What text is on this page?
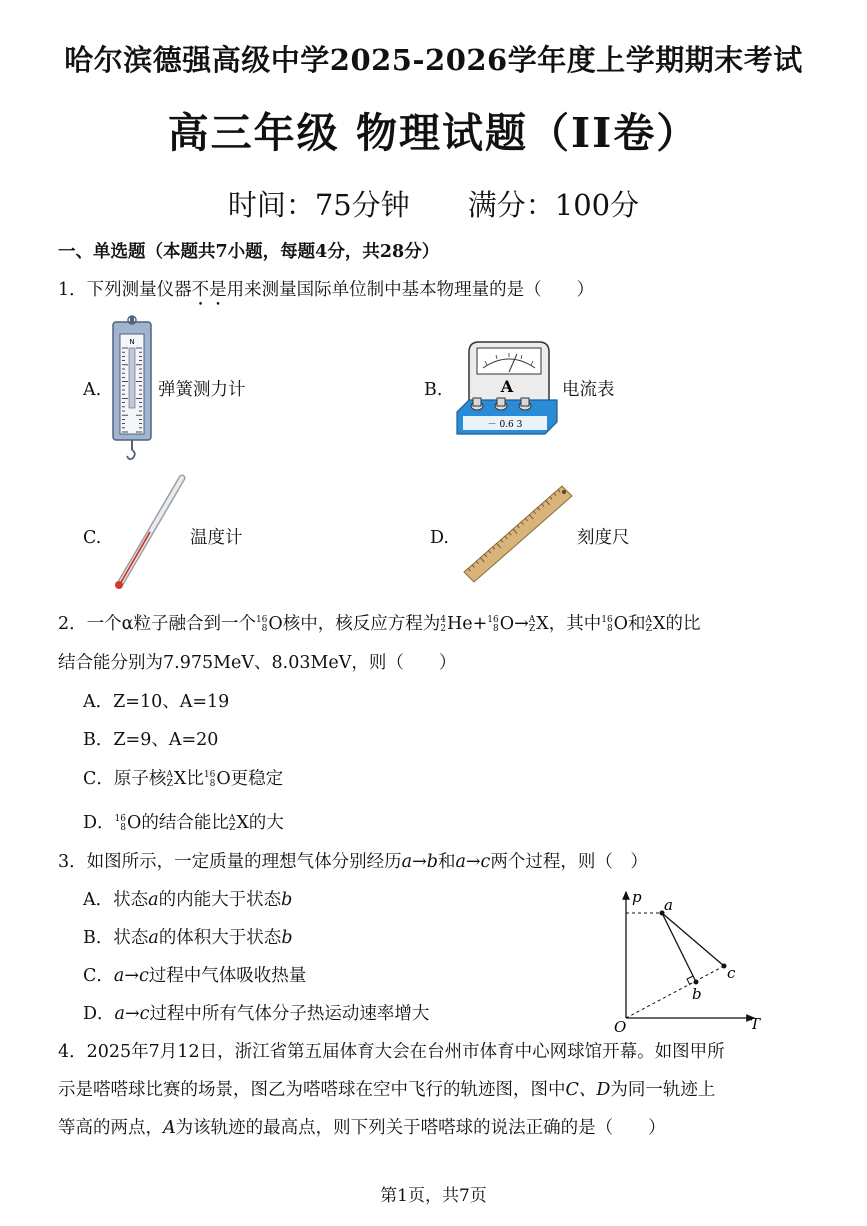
哈尔滨德强高级中学2025-2026学年度上学期期末考试
高三年级 物理试题（II卷）
时间：75分钟 满分：100分
一、单选题（本题共7小题，每题4分，共28分）
1．下列测量仪器不是用来测量国际单位制中基本物理量的是（　　）
A.
N
弹簧测力计	B.	A
－ 0.6 3
电流表
C.	温度计	D.	刻度尺
2．一个α粒子融合到一个 16
8 O核中，核反应方程为 4
2 He+ 16
8 O→ A
Z X，其中 16
8 O和 A
Z X的比
结合能分别为7.975MeV、8.03MeV，则（　　）
A．Z=10、A=19
B．Z=9、A=20
C．原子核 A
Z X比 16
8 O更稳定
D． 16
8 O的结合能比 A
Z X的大
3．如图所示，一定质量的理想气体分别经历a→b和a→c两个过程，则（　）
A．状态a的内能大于状态b
B．状态a的体积大于状态b
C．a→c过程中气体吸收热量
D．a→c过程中所有气体分子热运动速率增大
p
T
O
a
b
c
4．2025年7月12日，浙江省第五届体育大会在台州市体育中心网球馆开幕。如图甲所
示是嗒嗒球比赛的场景，图乙为嗒嗒球在空中飞行的轨迹图，图中C、D为同一轨迹上
等高的两点，A为该轨迹的最高点，则下列关于嗒嗒球的说法正确的是（　　）
第1页，共7页
